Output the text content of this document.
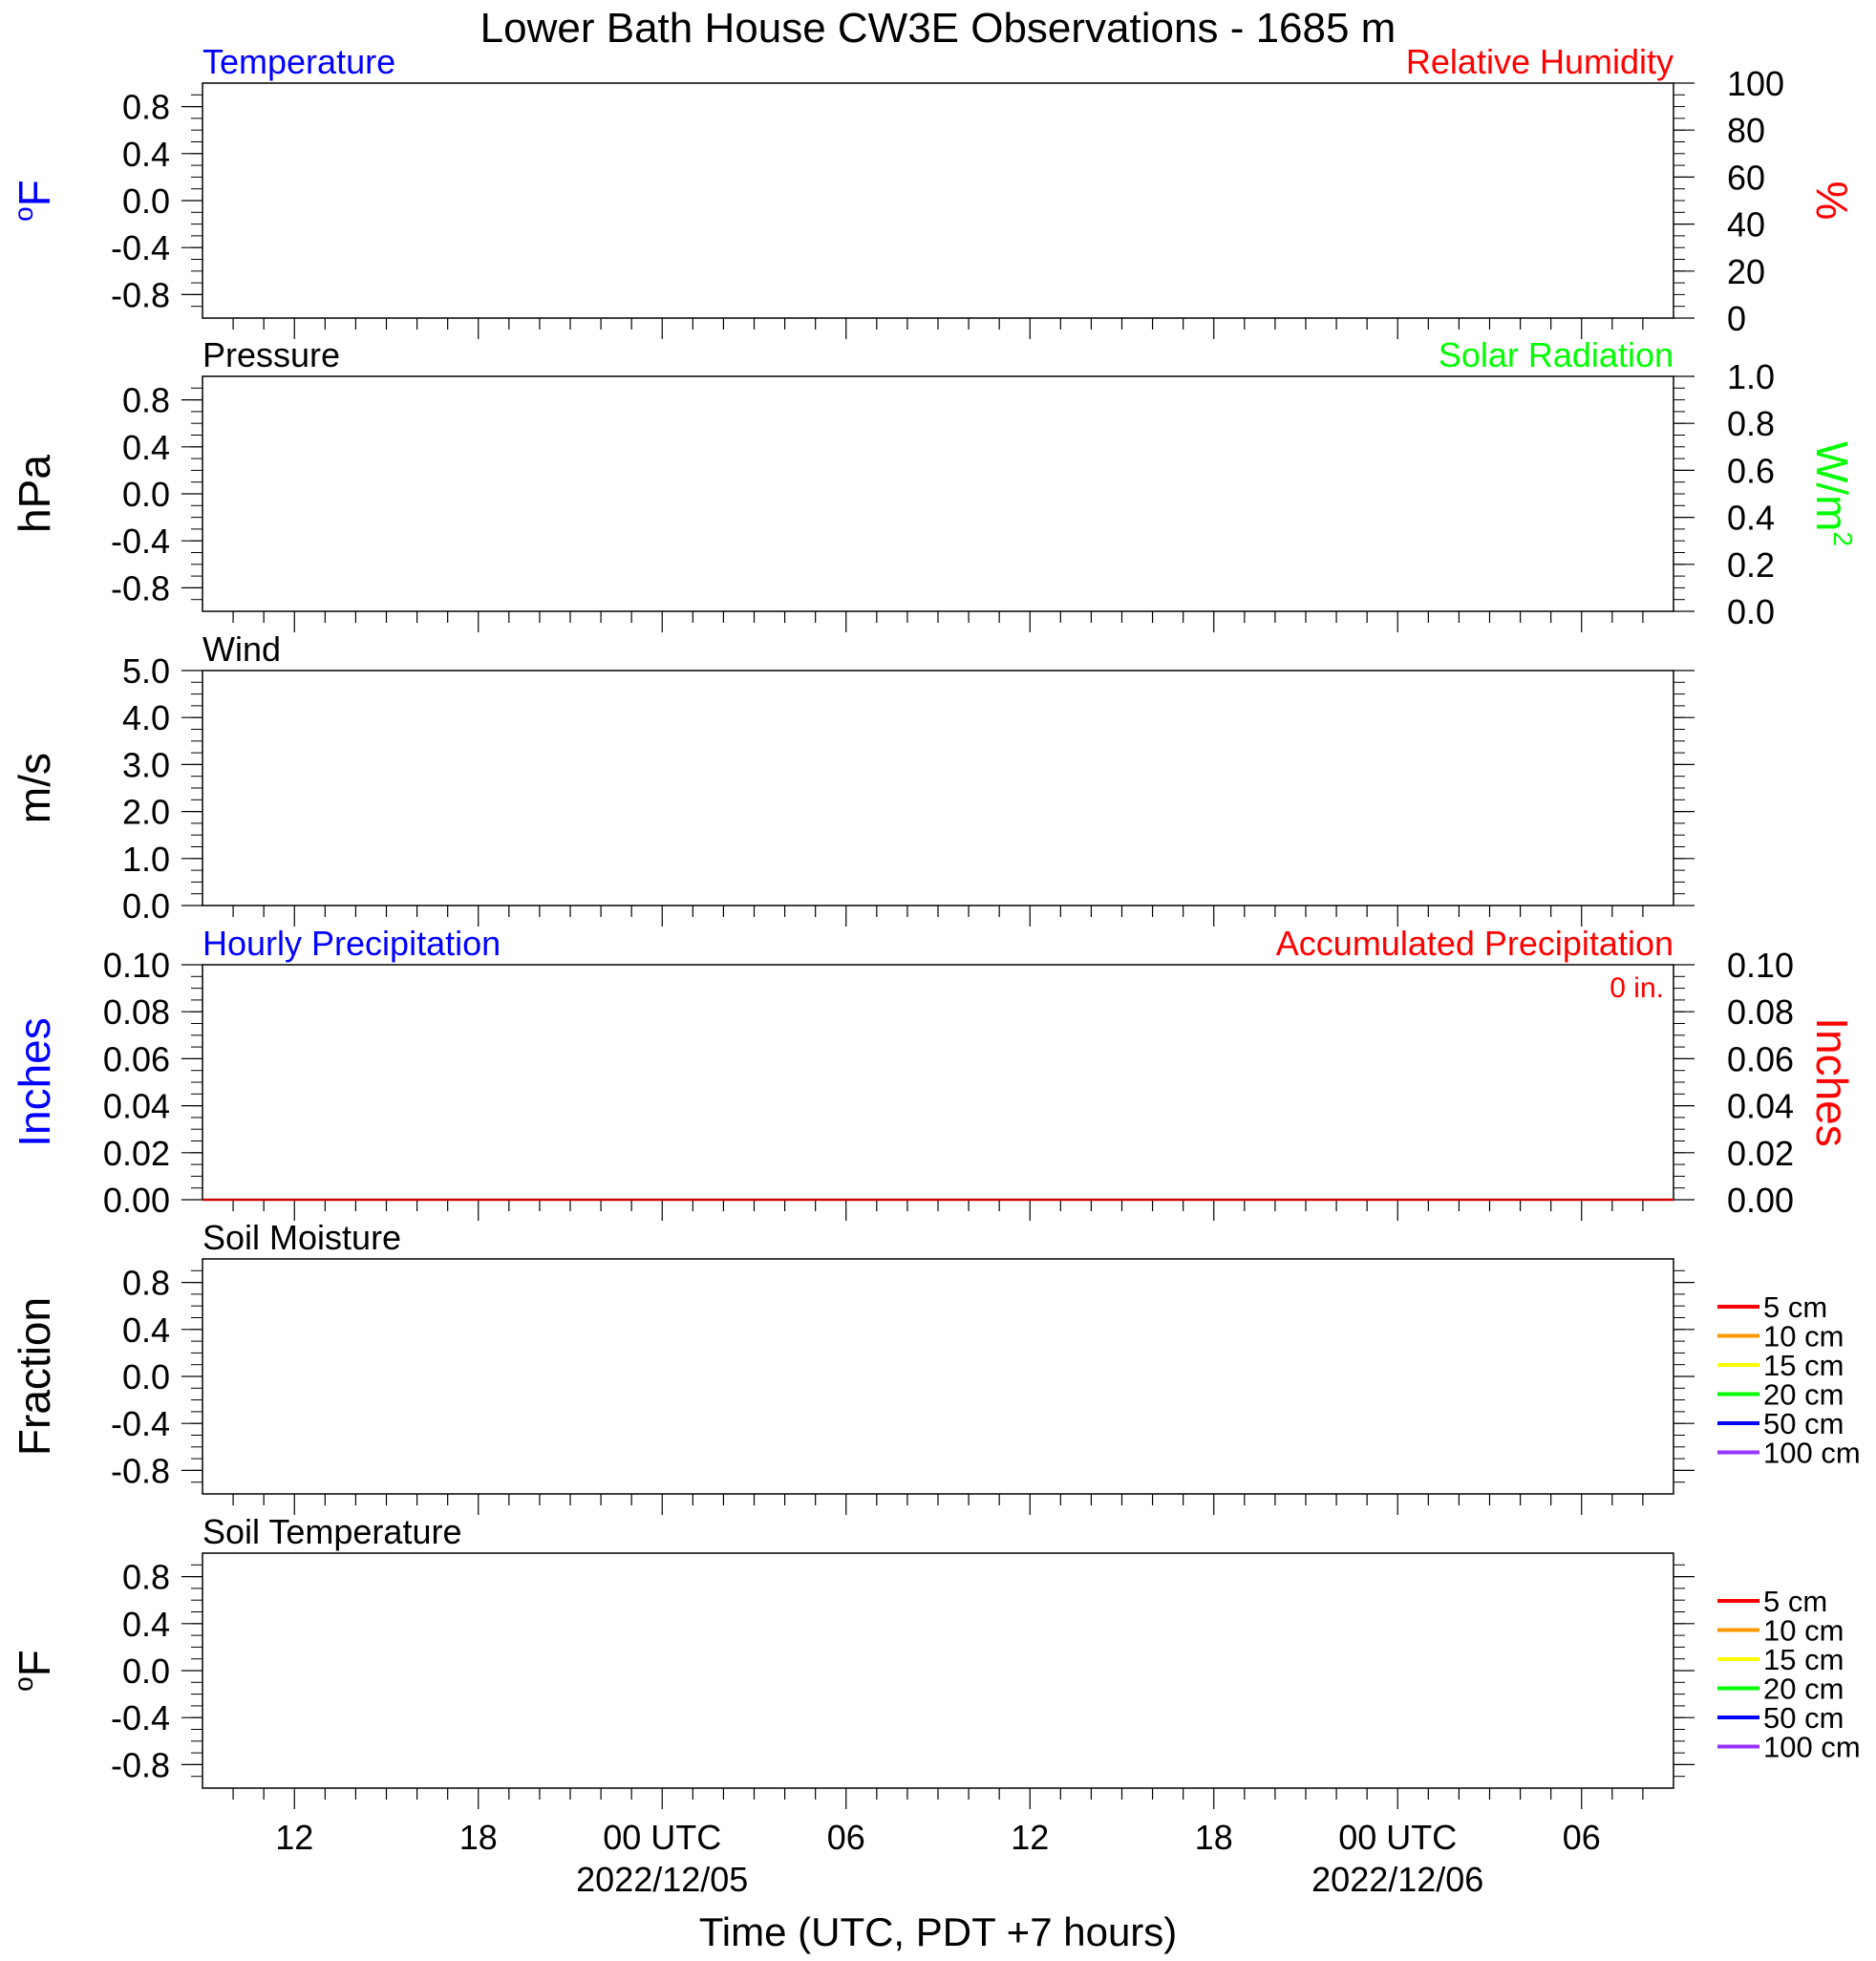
Lower Bath House CW3E Observations - 1685 m
0.8
0.4
0.0
-0.4
-0.8
100
80
60
40
20
0
Temperature	Relative Humidity
$^o$F	%
0.8
0.4
0.0
-0.4
-0.8
1.0
0.8
0.6
0.4
0.2
0.0
Pressure	Solar Radiation
hPa	$W/m^2$
5.0
4.0
3.0
2.0
1.0
0.0
Wind
m/s
0.10
0.08
0.06
0.04
0.02
0.00
0.10
0.08
0.06
0.04
0.02
0.00
Hourly Precipitation	Accumulated Precipitation
0 in.
Inches	Inches
0.8
0.4
0.0
-0.4
-0.8
Soil Moisture
Fraction	5 cm
10 cm
15 cm
20 cm
50 cm
100 cm
0.8
0.4
0.0
-0.4
-0.8
Soil Temperature
$^o$F
5 cm
10 cm
15 cm
20 cm
50 cm
100 cm
12	18	00 UTC
2022/12/05
06	12	18	00 UTC
2022/12/06
06
Time (UTC, PDT +7 hours)
